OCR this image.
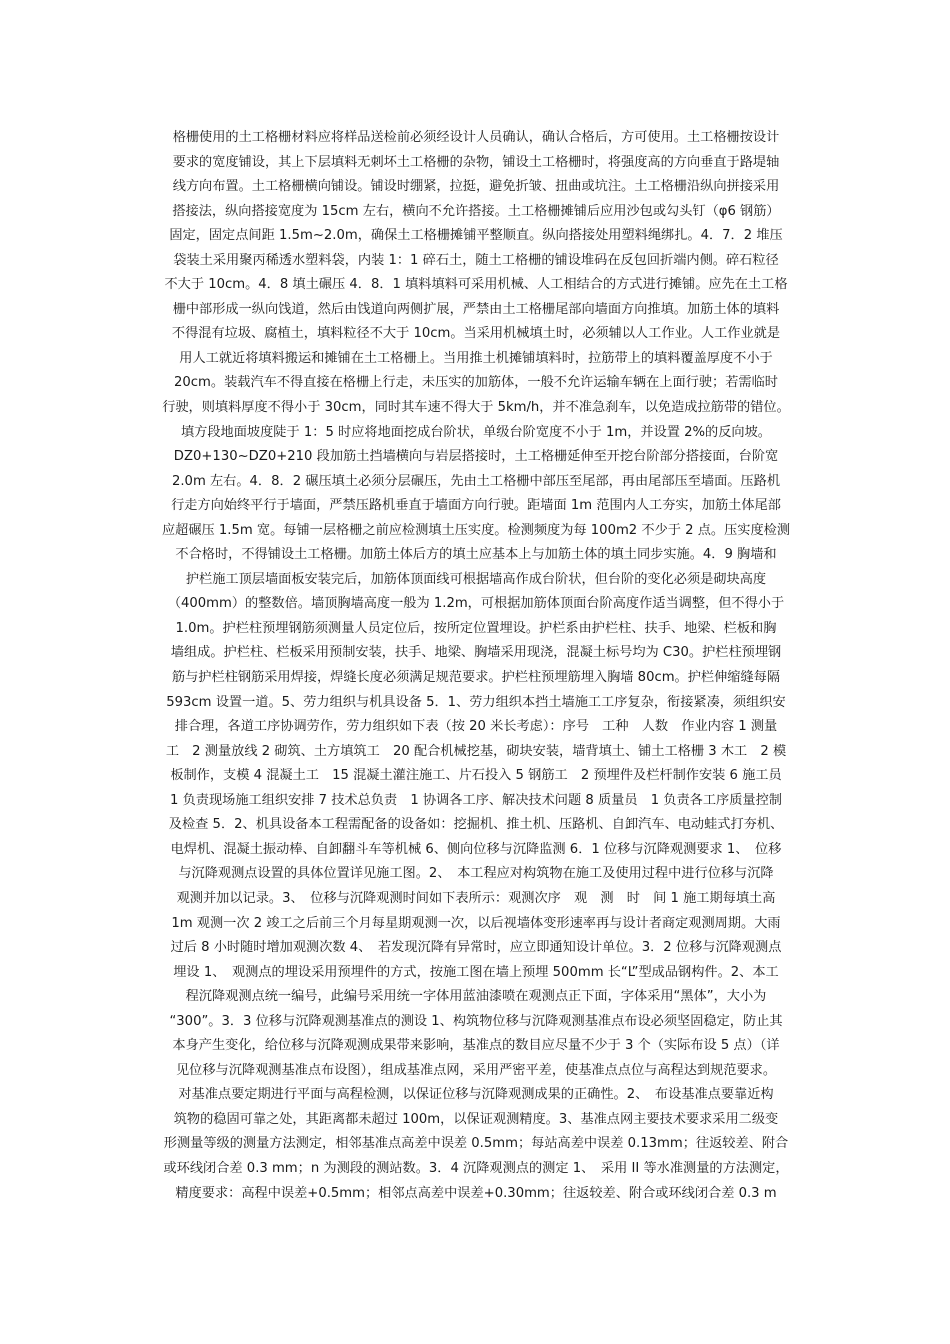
格栅使用的土工格栅材料应将样品送检前必须经设计人员确认，确认合格后，方可使用。土工格栅按设计
要求的宽度铺设，其上下层填料无刺坏土工格栅的杂物，铺设土工格栅时，将强度高的方向垂直于路堤轴
线方向布置。土工格栅横向铺设。铺设时绷紧，拉挺，避免折皱、扭曲或坑注。土工格栅沿纵向拼接采用
搭接法，纵向搭接宽度为 15cm 左右，横向不允许搭接。土工格栅摊铺后应用沙包或勾头钉（φ6 钢筋）
固定，固定点间距 1.5m~2.0m，确保土工格栅摊铺平整顺直。纵向搭接处用塑料绳绑扎。4．7．2 堆压
袋装土采用聚丙稀透水塑料袋，内装 1：1 碎石土，随土工格栅的铺设堆码在反包回折端内侧。碎石粒径
不大于 10cm。4．8 填土碾压 4．8．1 填料填料可采用机械、人工相结合的方式进行摊铺。应先在土工格
栅中部形成一纵向饯道，然后由饯道向两侧扩展，严禁由土工格栅尾部向墙面方向推填。加筋土体的填料
不得混有垃圾、腐植土，填料粒径不大于 10cm。当采用机械填土时，必须辅以人工作业。人工作业就是
用人工就近将填料搬运和摊铺在土工格栅上。当用推土机摊铺填料时，拉筋带上的填料覆盖厚度不小于
20cm。装载汽车不得直接在格栅上行走，未压实的加筋体，一般不允许运输车辆在上面行驶；若需临时
行驶，则填料厚度不得小于 30cm，同时其车速不得大于 5km/h，并不准急刹车，以免造成拉筋带的错位。
填方段地面坡度陡于 1：5 时应将地面挖成台阶状，单级台阶宽度不小于 1m，并设置 2%的反向坡。
DZ0+130~DZ0+210 段加筋土挡墙横向与岩层搭接时，土工格栅延伸至开挖台阶部分搭接面，台阶宽
2.0m 左右。4．8．2 碾压填土必须分层碾压，先由土工格栅中部压至尾部，再由尾部压至墙面。压路机
行走方向始终平行于墙面，严禁压路机垂直于墙面方向行驶。距墙面 1m 范围内人工夯实，加筋土体尾部
应超碾压 1.5m 宽。每铺一层格栅之前应检测填土压实度。检测频度为每 100m2 不少于 2 点。压实度检测
不合格时，不得铺设土工格栅。加筋土体后方的填土应基本上与加筋土体的填土同步实施。4．9 胸墙和
护栏施工顶层墙面板安装完后，加筋体顶面线可根据墙高作成台阶状，但台阶的变化必须是砌块高度
（400mm）的整数倍。墙顶胸墙高度一般为 1.2m，可根据加筋体顶面台阶高度作适当调整，但不得小于
1.0m。护栏柱预埋钢筋须测量人员定位后，按所定位置埋设。护栏系由护栏柱、扶手、地梁、栏板和胸
墙组成。护栏柱、栏板采用预制安装，扶手、地梁、胸墙采用现浇，混凝土标号均为 C30。护栏柱预埋钢
筋与护栏柱钢筋采用焊接，焊缝长度必须满足规范要求。护栏柱预埋筋埋入胸墙 80cm。护栏伸缩缝每隔
593cm 设置一道。5、劳力组织与机具设备 5．1、劳力组织本挡土墙施工工序复杂，衔接紧凑，须组织安
排合理，各道工序协调劳作，劳力组织如下表（按 20 米长考虑）：序号　工种　人数　作业内容 1 测量
工　2 测量放线 2 砌筑、土方填筑工　20 配合机械挖基，砌块安装，墙背填土、铺土工格栅 3 木工　2 模
板制作，支模 4 混凝土工　15 混凝土灌注施工、片石投入 5 钢筋工　2 预埋件及栏杆制作安装 6 施工员
1 负责现场施工组织安排 7 技术总负责　1 协调各工序、解决技术问题 8 质量员　1 负责各工序质量控制
及检查 5．2、机具设备本工程需配备的设备如：挖掘机、推土机、压路机、自卸汽车、电动蛙式打夯机、
电焊机、混凝土振动棒、自卸翻斗车等机械 6、侧向位移与沉降监测 6．1 位移与沉降观测要求 1、　位移
与沉降观测点设置的具体位置详见施工图。2、　本工程应对构筑物在施工及使用过程中进行位移与沉降
观测并加以记录。3、　位移与沉降观测时间如下表所示：观测次序　观　测　时　间 1 施工期每填土高
1m 观测一次 2 竣工之后前三个月每星期观测一次，以后视墙体变形速率再与设计者商定观测周期。大雨
过后 8 小时随时增加观测次数 4、　若发现沉降有异常时，应立即通知设计单位。3．2 位移与沉降观测点
埋设 1、　观测点的埋设采用预埋件的方式，按施工图在墙上预埋 500mm 长“L”型成品钢构件。2、本工
程沉降观测点统一编号，此编号采用统一字体用蓝油漆喷在观测点正下面，字体采用“黑体”，大小为
“300”。3．3 位移与沉降观测基准点的测设 1、构筑物位移与沉降观测基准点布设必须坚固稳定，防止其
本身产生变化，给位移与沉降观测成果带来影响，基准点的数目应尽量不少于 3 个（实际布设 5 点）（详
见位移与沉降观测基准点布设图），组成基准点网，采用严密平差，使基准点点位与高程达到规范要求。
对基准点要定期进行平面与高程检测，以保证位移与沉降观测成果的正确性。2、　布设基准点要靠近构
筑物的稳固可靠之处，其距离都未超过 100m，以保证观测精度。3、基准点网主要技术要求采用二级变
形测量等级的测量方法测定，相邻基准点高差中误差 0.5mm；每站高差中误差 0.13mm；往返较差、附合
或环线闭合差 0.3 mm；n 为测段的测站数。3．4 沉降观测点的测定 1、　采用 II 等水准测量的方法测定，
精度要求：高程中误差+0.5mm；相邻点高差中误差+0.30mm；往返较差、附合或环线闭合差 0.3 m
